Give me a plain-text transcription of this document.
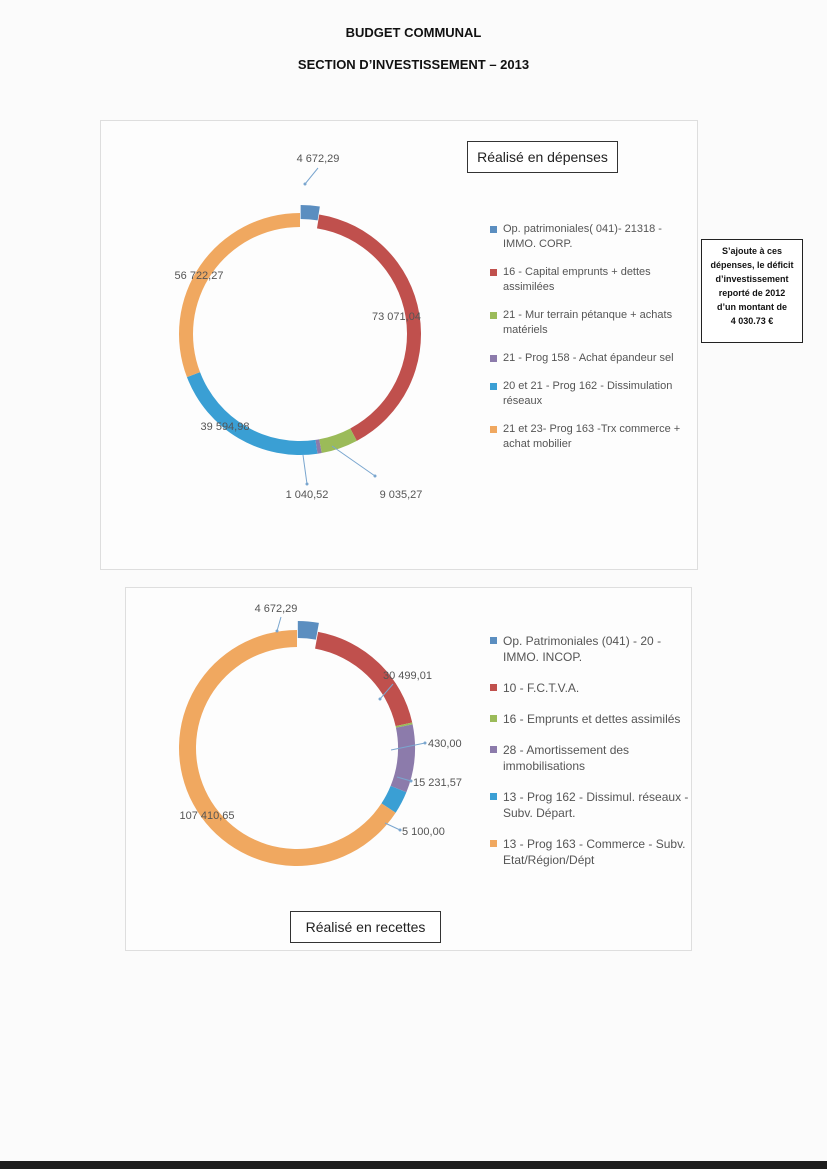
BUDGET COMMUNAL
SECTION D’INVESTISSEMENT – 2013
4 672,29
73 071,04
9 035,27
1 040,52
39 594,98
56 722,27
4 672,29
30 499,01
430,00
15 231,57
5 100,00
107 410,65
Réalisé en dépenses
Réalisé en recettes
Op. patrimoniales( 041)- 21318 - IMMO. CORP.
16 - Capital emprunts + dettes assimilées
21 - Mur terrain pétanque + achats matériels
21 - Prog 158 - Achat épandeur sel
20 et 21 - Prog 162 - Dissimulation réseaux
21 et 23- Prog 163 -Trx commerce + achat mobilier
Op. Patrimoniales (041) - 20 - IMMO. INCOP.
10 - F.C.T.V.A.
16 - Emprunts et dettes assimilés
28 - Amortissement des immobilisations
13 - Prog 162 - Dissimul. réseaux - Subv. Départ.
13 - Prog 163 - Commerce - Subv. Etat/Région/Dépt
S’ajoute à ces
dépenses, le déficit
d’investissement
reporté de 2012
d’un montant de
4 030.73 €
